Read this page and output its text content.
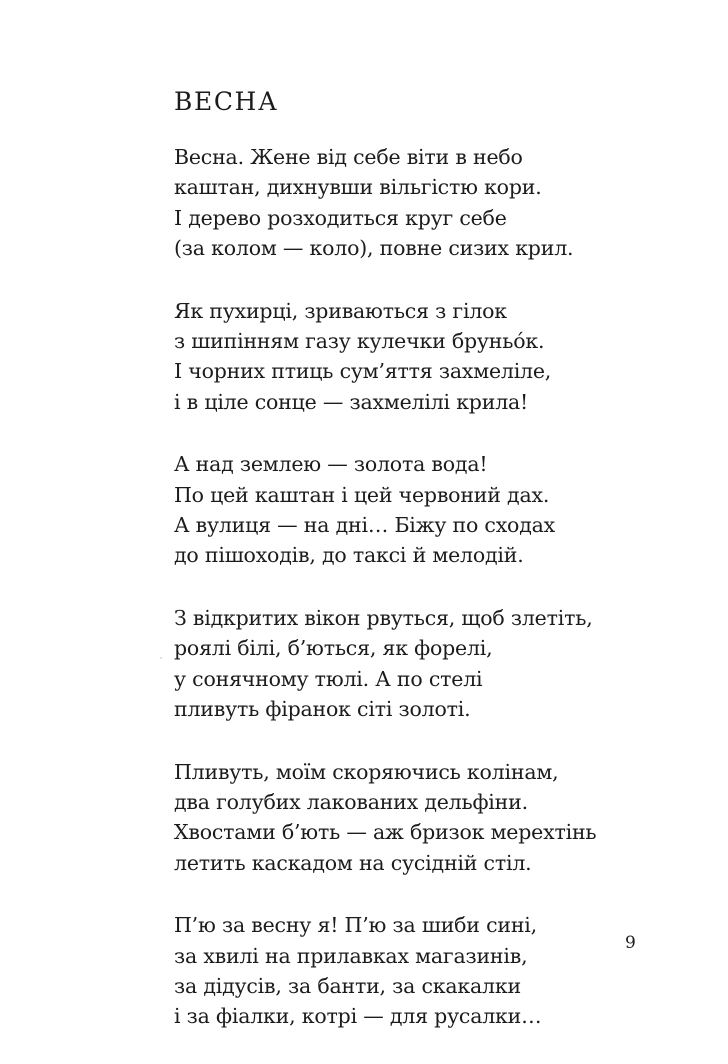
ВЕСНА
Весна. Жене від себе віти в небо
каштан, дихнувши вільгістю кори.
І дерево розходиться круг себе
(за колом — коло), повне сизих крил.
Як пухирці, зриваються з гілок
з шипінням газу кулечки бруньо́к.
І чорних птиць сум’яття захмеліле,
і в ціле сонце — захмелілі крила!
А над землею — золота вода!
По цей каштан і цей червоний дах.
А вулиця — на дні… Біжу по сходах
до пішоходів, до таксі й мелодій.
З відкритих вікон рвуться, щоб злетіть,
роялі білі, б’ються, як форелі,
у сонячному тюлі. А по стелі
пливуть фіранок сіті золоті.
Пливуть, моїм скоряючись колінам,
два голубих лакованих дельфіни.
Хвостами б’ють — аж бризок мерехтінь
летить каскадом на сусідній стіл.
П’ю за весну я! П’ю за шиби сині,
за хвилі на прилавках магазинів,
за дідусів, за банти, за скакалки
і за фіалки, котрі — для русалки…
9
